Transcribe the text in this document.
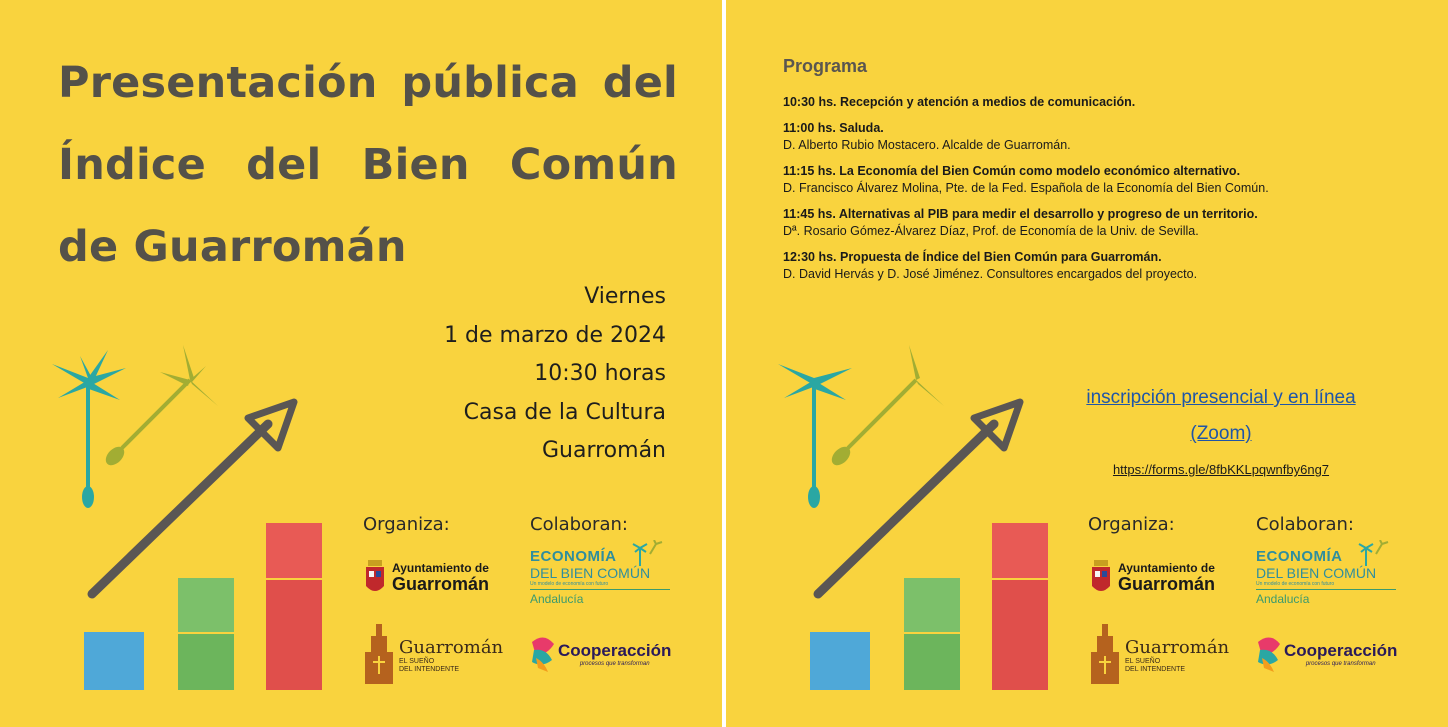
Presentación pública del Índice del Bien Común de Guarromán
Viernes
1 de marzo de 2024
10:30 horas
Casa de la Cultura
Guarromán
Organiza:	Colaboran:
Ayuntamiento de
Guarromán
ECONOMÍA
DEL BIEN COMÚN
Un modelo de economía con futuro
Andalucía
Guarromán
EL SUEÑO
DEL INTENDENTE
Cooperacción
procesos que transforman
Programa
10:30 hs. Recepción y atención a medios de comunicación.
11:00 hs. Saluda.
D. Alberto Rubio Mostacero. Alcalde de Guarromán.
11:15 hs. La Economía del Bien Común como modelo económico alternativo.
D. Francisco Álvarez Molina, Pte. de la Fed. Española de la Economía del Bien Común.
11:45 hs. Alternativas al PIB para medir el desarrollo y progreso de un territorio.
Dª. Rosario Gómez-Álvarez Díaz, Prof. de Economía de la Univ. de Sevilla.
12:30 hs. Propuesta de Índice del Bien Común para Guarromán.
D. David Hervás y D. José Jiménez. Consultores encargados del proyecto.
inscripción presencial y en línea (Zoom)
https://forms.gle/8fbKKLpqwnfby6ng7
Organiza:	Colaboran:
Ayuntamiento de
Guarromán
ECONOMÍA
DEL BIEN COMÚN
Un modelo de economía con futuro
Andalucía
Guarromán
EL SUEÑO
DEL INTENDENTE
Cooperacción
procesos que transforman
